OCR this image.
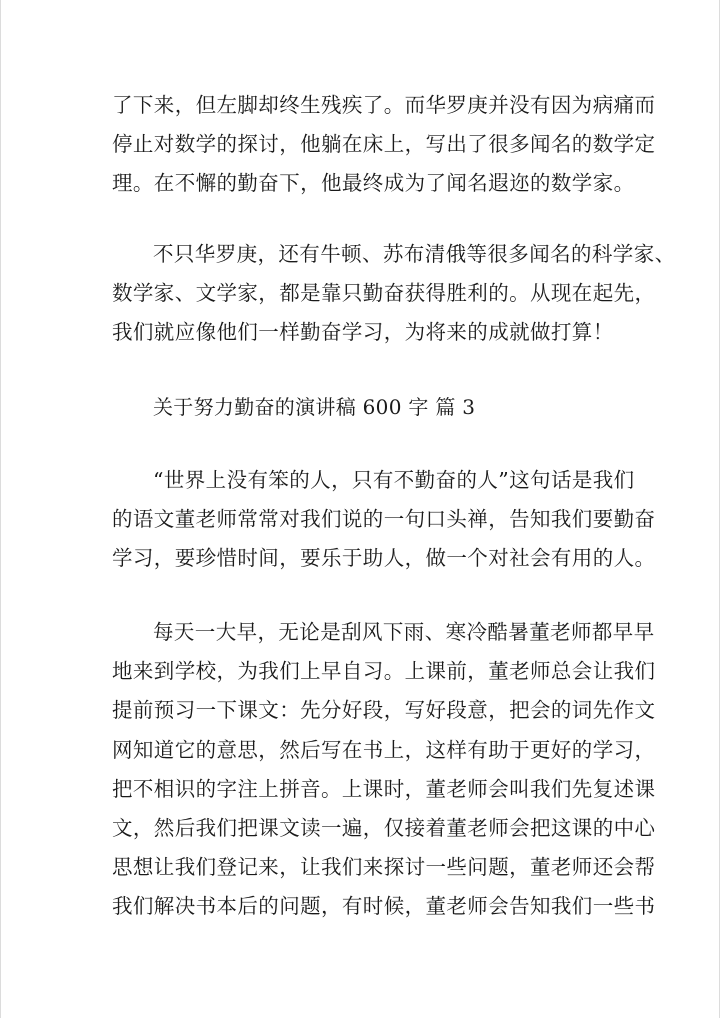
了下来，但左脚却终生残疾了。而华罗庚并没有因为病痛而
停止对数学的探讨，他躺在床上，写出了很多闻名的数学定
理。在不懈的勤奋下，他最终成为了闻名遐迩的数学家。
不只华罗庚，还有牛顿、苏布清俄等很多闻名的科学家、
数学家、文学家，都是靠只勤奋获得胜利的。从现在起先，
我们就应像他们一样勤奋学习，为将来的成就做打算！
关于努力勤奋的演讲稿 600 字 篇 3
“世界上没有笨的人，只有不勤奋的人”这句话是我们
的语文董老师常常对我们说的一句口头禅，告知我们要勤奋
学习，要珍惜时间，要乐于助人，做一个对社会有用的人。
每天一大早，无论是刮风下雨、寒冷酷暑董老师都早早
地来到学校，为我们上早自习。上课前，董老师总会让我们
提前预习一下课文：先分好段，写好段意，把会的词先作文
网知道它的意思，然后写在书上，这样有助于更好的学习，
把不相识的字注上拼音。上课时，董老师会叫我们先复述课
文，然后我们把课文读一遍，仅接着董老师会把这课的中心
思想让我们登记来，让我们来探讨一些问题，董老师还会帮
我们解决书本后的问题，有时候，董老师会告知我们一些书
